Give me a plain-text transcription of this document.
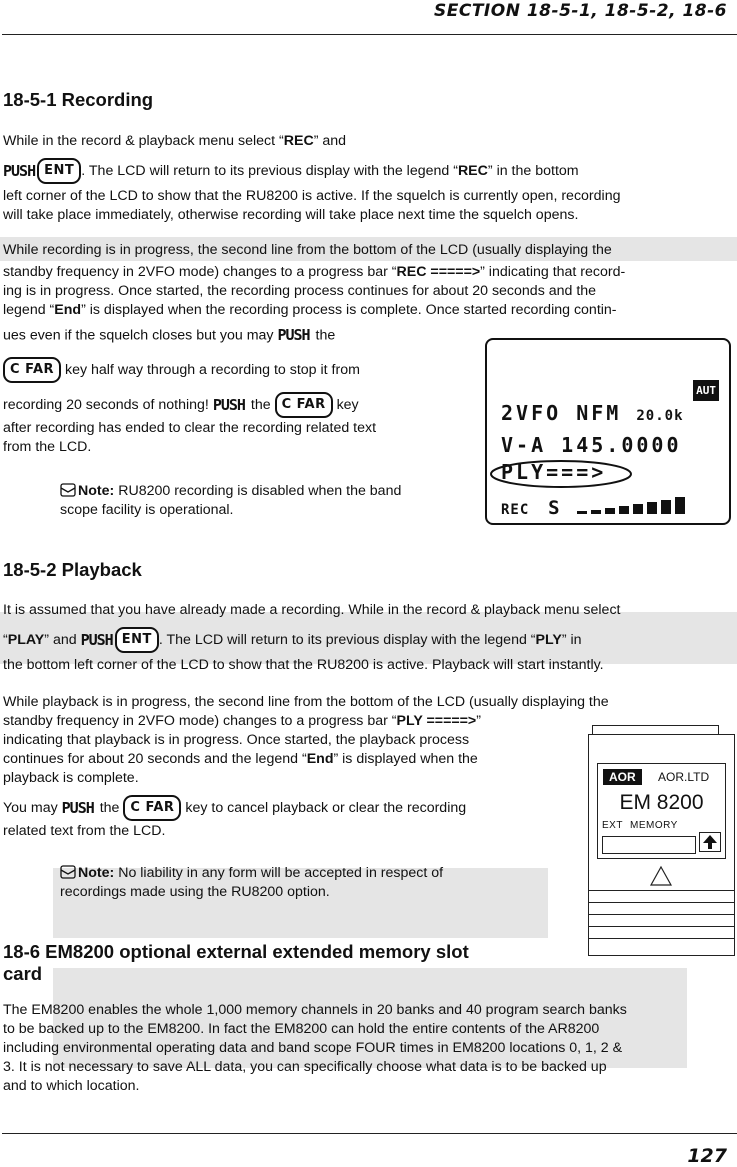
SECTION 18-5-1, 18-5-2, 18-6
18-5-1 Recording
While in the record & playback menu select “REC” and
PUSH ENT . The LCD will return to its previous display with the legend “REC” in the bottom
left corner of the LCD to show that the RU8200 is active. If the squelch is currently open, recording
will take place immediately, otherwise recording will take place next time the squelch opens.
While recording is in progress, the second line from the bottom of the LCD (usually displaying the
standby frequency in 2VFO mode) changes to a progress bar “REC =====>” indicating that record-
ing is in progress. Once started, the recording process continues for about 20 seconds and the
legend “End” is displayed when the recording process is complete. Once started recording contin-
ues even if the squelch closes but you may PUSH the
C FAR key half way through a recording to stop it from
recording 20 seconds of nothing! PUSH the C FAR key
after recording has ended to clear the recording related text
from the LCD.
Note: RU8200 recording is disabled when the band
scope facility is operational.
AUT
2VFO NFM 20.0k
V-A 145.0000
PLY===>
REC S
18-5-2 Playback
It is assumed that you have already made a recording. While in the record & playback menu select
“PLAY” and PUSH ENT . The LCD will return to its previous display with the legend “PLY” in
the bottom left corner of the LCD to show that the RU8200 is active. Playback will start instantly.
While playback is in progress, the second line from the bottom of the LCD (usually displaying the
standby frequency in 2VFO mode) changes to a progress bar “PLY =====>”
indicating that playback is in progress. Once started, the playback process
continues for about 20 seconds and the legend “End” is displayed when the
playback is complete.
You may PUSH the C FAR key to cancel playback or clear the recording
related text from the LCD.
Note: No liability in any form will be accepted in respect of
recordings made using the RU8200 option.
AOR	AOR.LTD
EM 8200
EXT MEMORY
18-6 EM8200 optional external extended memory slot
card
The EM8200 enables the whole 1,000 memory channels in 20 banks and 40 program search banks
to be backed up to the EM8200. In fact the EM8200 can hold the entire contents of the AR8200
including environmental operating data and band scope FOUR times in EM8200 locations 0, 1, 2 &
3. It is not necessary to save ALL data, you can specifically choose what data is to be backed up
and to which location.
127
